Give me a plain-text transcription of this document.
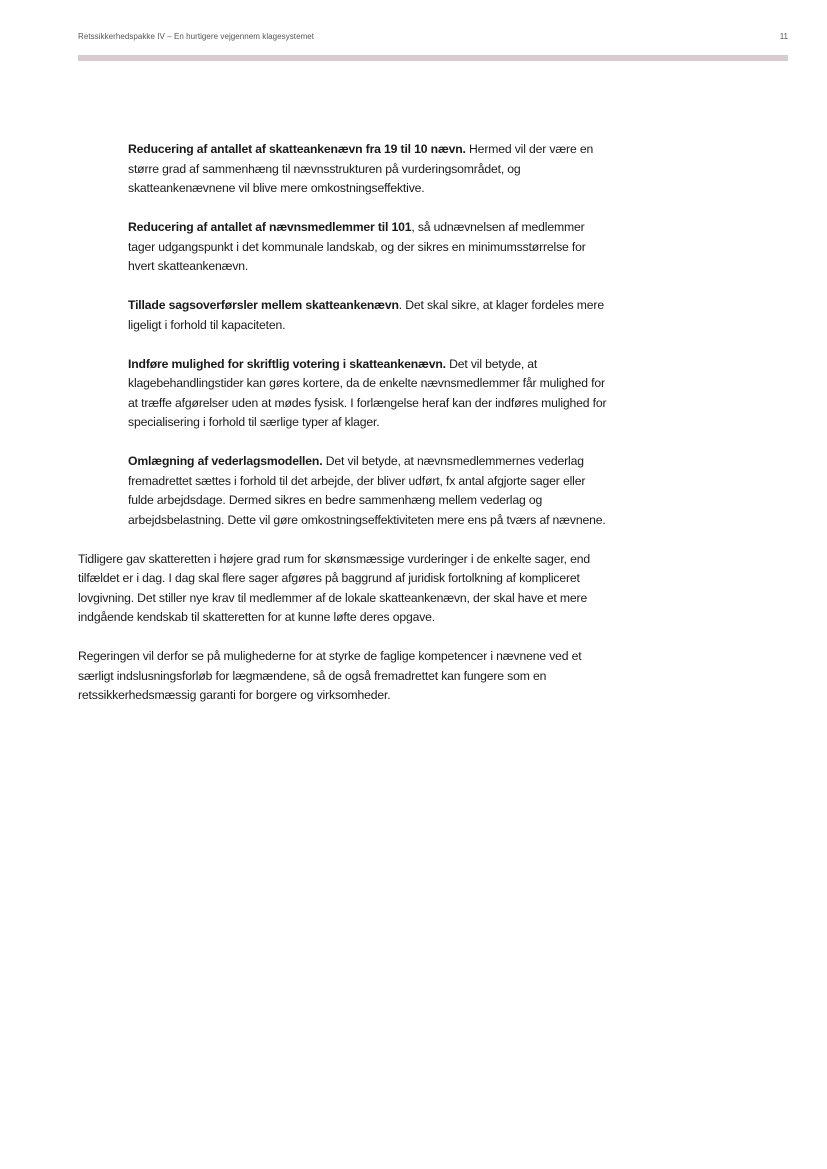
Retssikkerhedspakke IV – En hurtigere vejgennem klagesystemet	11

Reducering af antallet af skatteankenævn fra 19 til 10 nævn. Hermed vil der være en større grad af sammenhæng til nævnsstrukturen på vurderingsområdet, og skatteankenævnene vil blive mere omkostningseffektive.

Reducering af antallet af nævnsmedlemmer til 101, så udnævnelsen af medlemmer tager udgangspunkt i det kommunale landskab, og der sikres en minimumsstørrelse for hvert skatteankenævn.

Tillade sagsoverførsler mellem skatteankenævn. Det skal sikre, at klager fordeles mere ligeligt i forhold til kapaciteten.

Indføre mulighed for skriftlig votering i skatteankenævn. Det vil betyde, at klagebehandlingstider kan gøres kortere, da de enkelte nævnsmedlemmer får mulighed for at træffe afgørelser uden at mødes fysisk. I forlængelse heraf kan der indføres mulighed for specialisering i forhold til særlige typer af klager.

Omlægning af vederlagsmodellen. Det vil betyde, at nævnsmedlemmernes vederlag fremadrettet sættes i forhold til det arbejde, der bliver udført, fx antal afgjorte sager eller fulde arbejdsdage. Dermed sikres en bedre sammenhæng mellem vederlag og arbejdsbelastning. Dette vil gøre omkostningseffektiviteten mere ens på tværs af nævnene.

Tidligere gav skatteretten i højere grad rum for skønsmæssige vurderinger i de enkelte sager, end tilfældet er i dag. I dag skal flere sager afgøres på baggrund af juridisk fortolkning af kompliceret lovgivning. Det stiller nye krav til medlemmer af de lokale skatteankenævn, der skal have et mere indgående kendskab til skatteretten for at kunne løfte deres opgave.

Regeringen vil derfor se på mulighederne for at styrke de faglige kompetencer i nævnene ved et særligt indslusningsforløb for lægmændene, så de også fremadrettet kan fungere som en retssikkerhedsmæssig garanti for borgere og virksomheder.
